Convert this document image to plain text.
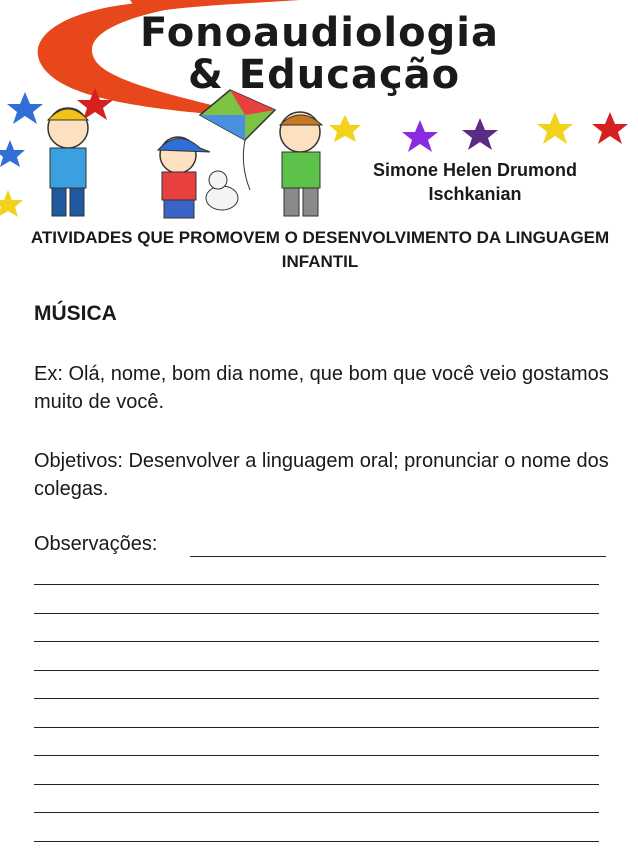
Fonoaudiologia
& Educação
Simone Helen Drumond Ischkanian
ATIVIDADES QUE PROMOVEM O DESENVOLVIMENTO DA LINGUAGEM INFANTIL
MÚSICA
Ex: Olá, nome, bom dia nome, que bom que você veio gostamos muito de você.
Objetivos: Desenvolver a linguagem oral; pronunciar o nome dos colegas.
Observações:
